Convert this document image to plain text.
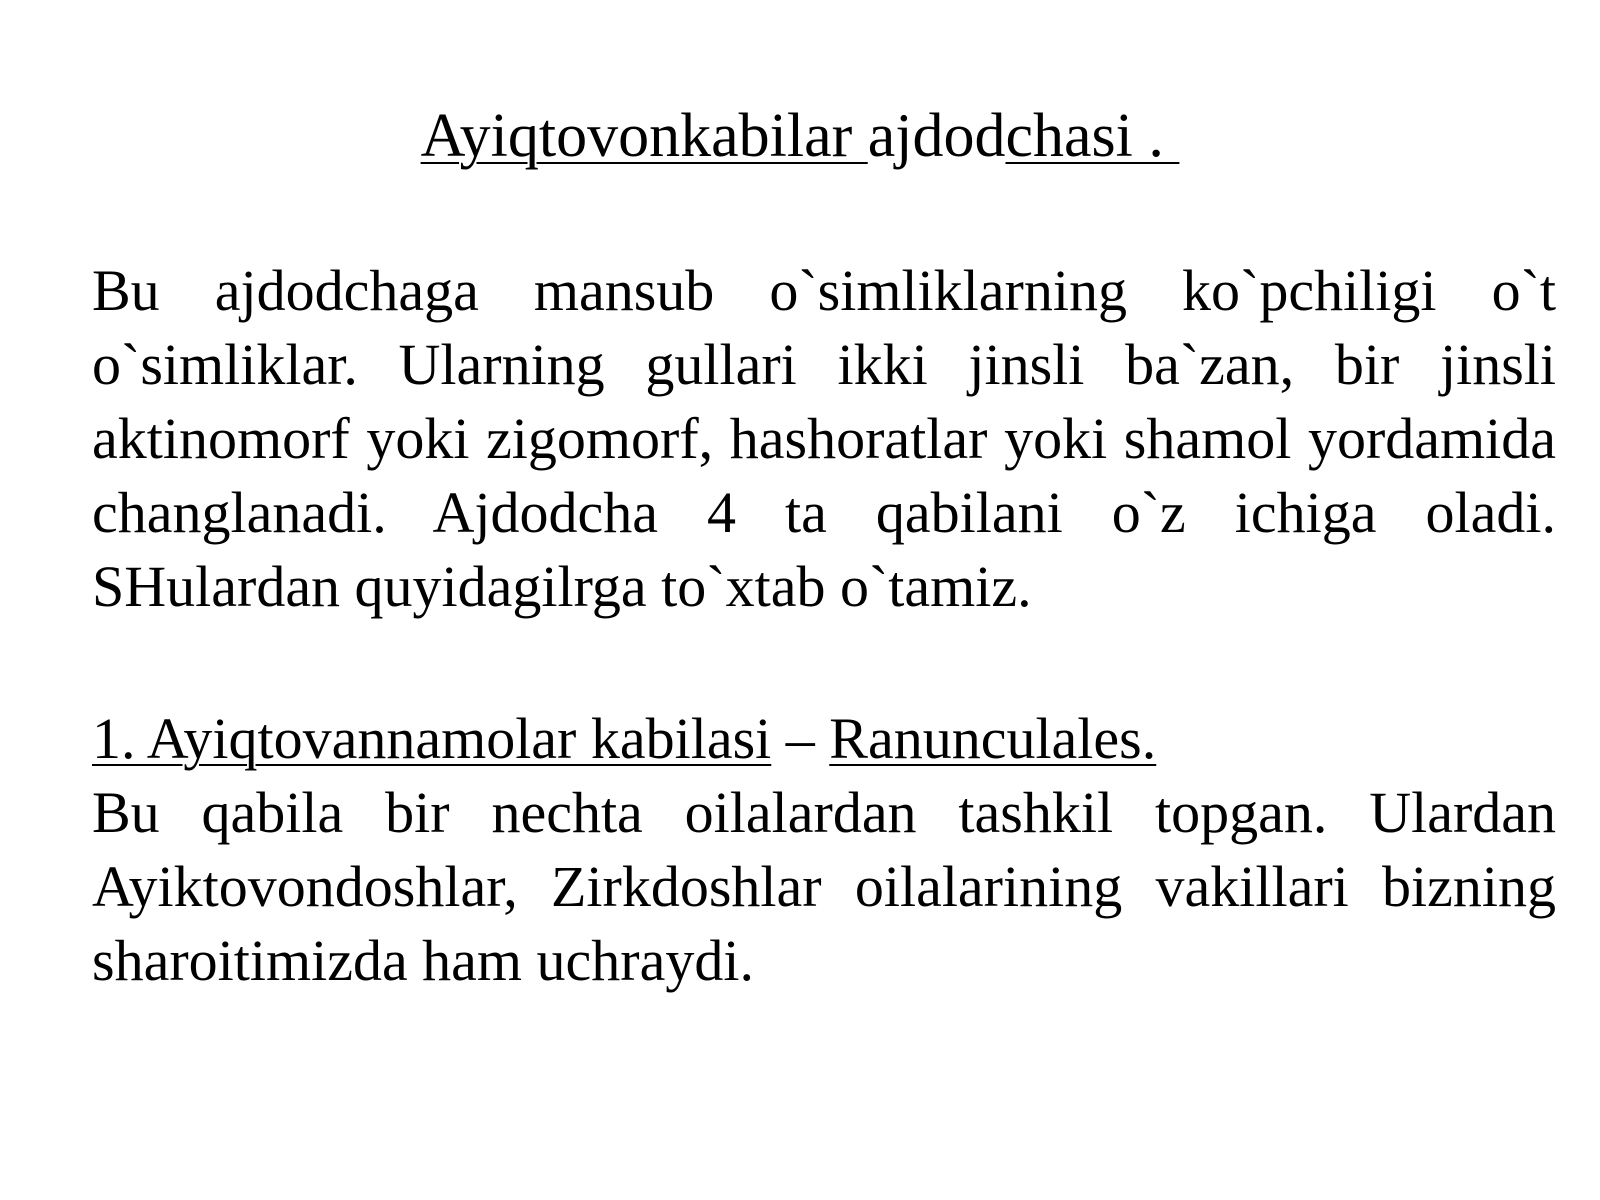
Ayiqtovonkabilar ajdodchasi .

Bu ajdodchaga mansub o`simliklarning ko`pchiligi o`t o`simliklar. Ularning gullari ikki jinsli ba`zan, bir jinsli aktinomorf yoki zigomorf, hashoratlar yoki shamol yordamida changlanadi. Ajdodcha 4 ta qabilani o`z ichiga oladi. SHulardan quyidagilrga to`xtab o`tamiz.

1. Ayiqtovannamolar kabilasi – Ranunculales.

Bu qabila bir nechta oilalardan tashkil topgan. Ulardan Ayiktovondoshlar, Zirkdoshlar oilalarining vakillari bizning sharoitimizda ham uchraydi.
